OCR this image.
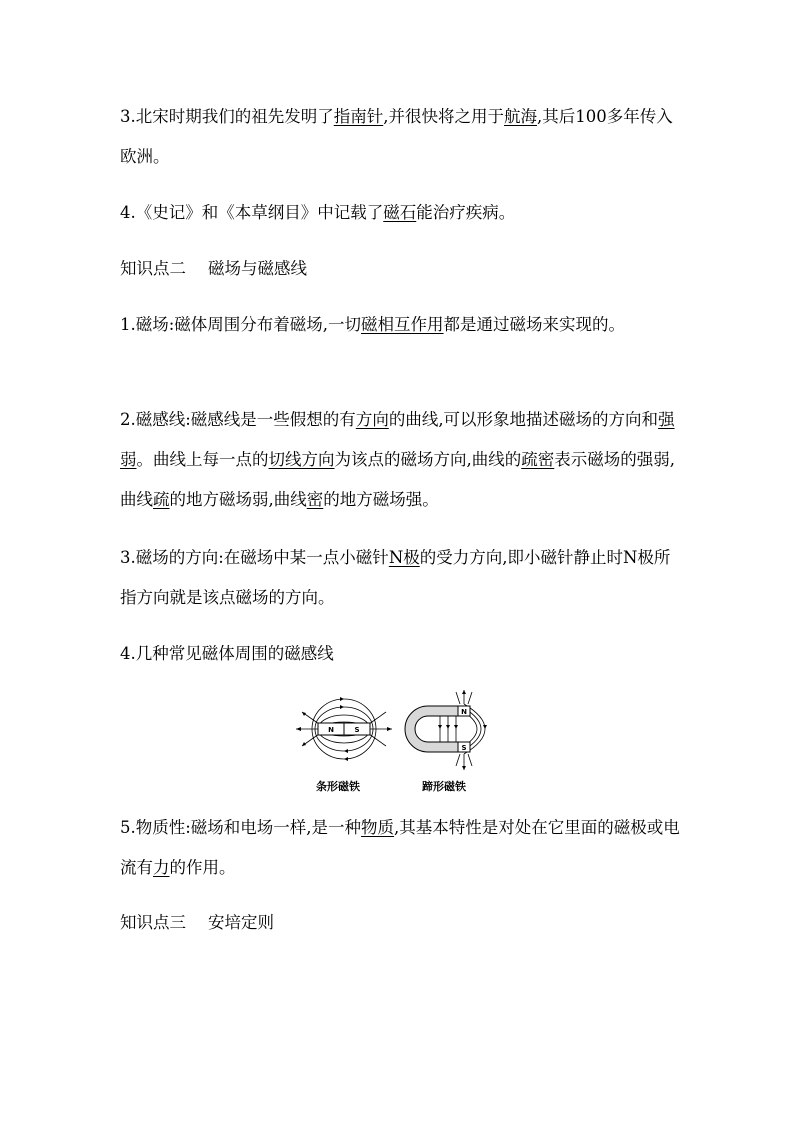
3.北宋时期我们的祖先发明了指南针,并很快将之用于航海,其后100多年传入欧洲。

4.《史记》和《本草纲目》中记载了磁石能治疗疾病。

知识点二 磁场与磁感线

1.磁场:磁体周围分布着磁场,一切磁相互作用都是通过磁场来实现的。

2.磁感线:磁感线是一些假想的有方向的曲线,可以形象地描述磁场的方向和强弱。曲线上每一点的切线方向为该点的磁场方向,曲线的疏密表示磁场的强弱,曲线疏的地方磁场弱,曲线密的地方磁场强。

3.磁场的方向:在磁场中某一点小磁针N极的受力方向,即小磁针静止时N极所指方向就是该点磁场的方向。

4.几种常见磁体周围的磁感线

N	S
N
S
条形磁铁	蹄形磁铁

5.物质性:磁场和电场一样,是一种物质,其基本特性是对处在它里面的磁极或电流有力的作用。

知识点三 安培定则
